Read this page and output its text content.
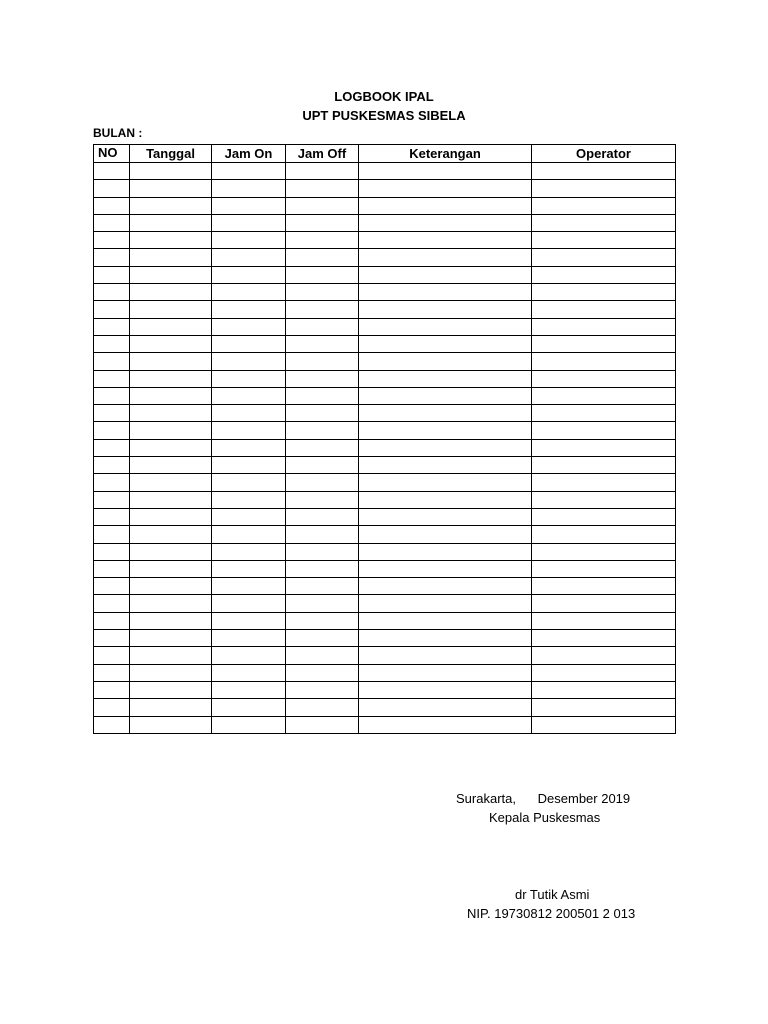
LOGBOOK IPAL
UPT PUSKESMAS SIBELA
BULAN :
NO	Tanggal	Jam On	Jam Off	Keterangan	Operator

Surakarta,      Desember 2019
Kepala Puskesmas
dr Tutik Asmi
NIP. 19730812 200501 2 013
